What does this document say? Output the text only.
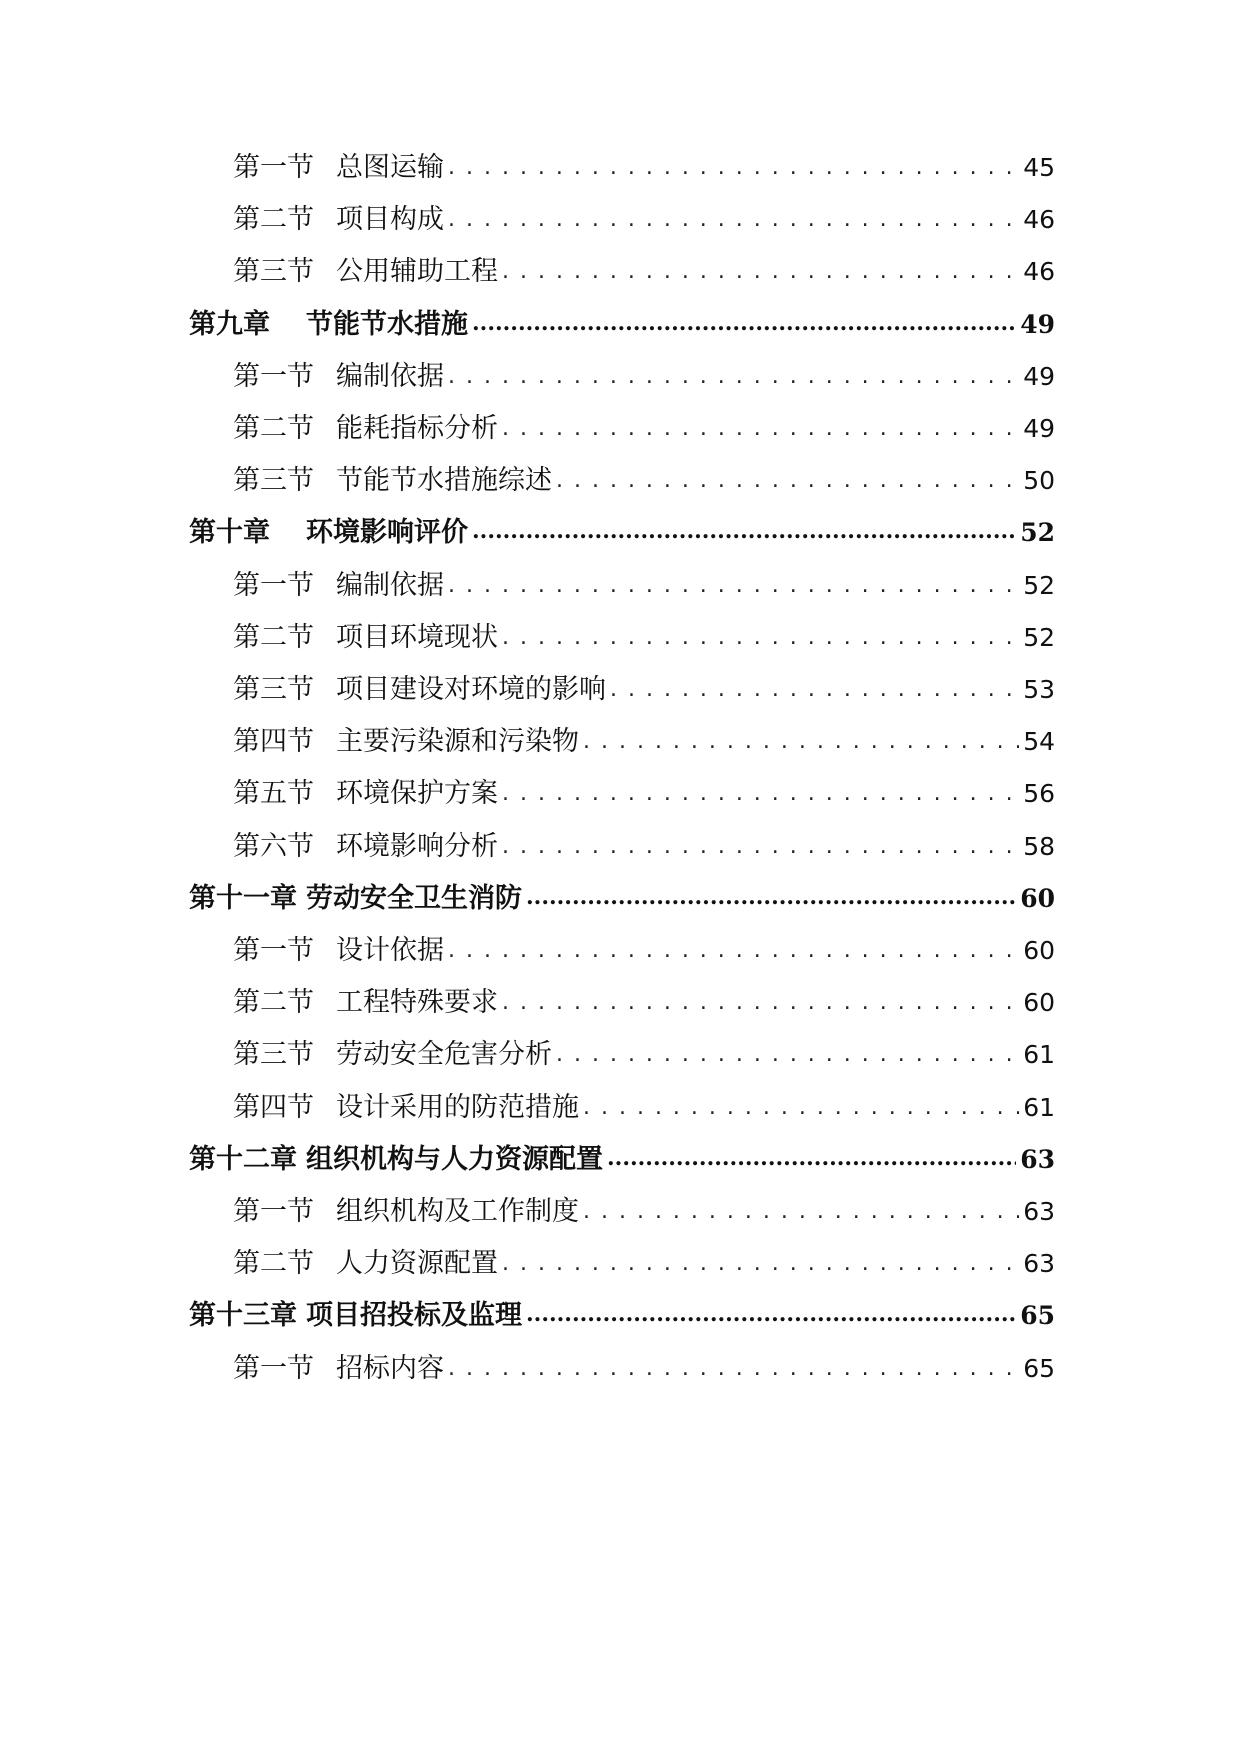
第一节 总图运输 . . .	45
第二节 项目构成 . . .	46
第三节 公用辅助工程 . . .	46
第九章	节能节水措施 .....	49
第一节 编制依据 . . .	49
第二节 能耗指标分析 . . .	49
第三节 节能节水措施综述 . . .	50
第十章	环境影响评价 .....	52
第一节 编制依据 . . .	52
第二节 项目环境现状 . . .	52
第三节 项目建设对环境的影响 . . .	53
第四节 主要污染源和污染物 . . .	54
第五节 环境保护方案 . . .	56
第六节 环境影响分析 . . .	58
第十一章 劳动安全卫生消防 .....	60
第一节 设计依据 . . .	60
第二节 工程特殊要求 . . .	60
第三节 劳动安全危害分析 . . .	61
第四节 设计采用的防范措施 . . .	61
第十二章 组织机构与人力资源配置 .....	63
第一节 组织机构及工作制度 . . .	63
第二节 人力资源配置 . . .	63
第十三章 项目招投标及监理 .....	65
第一节 招标内容 . . .	65
